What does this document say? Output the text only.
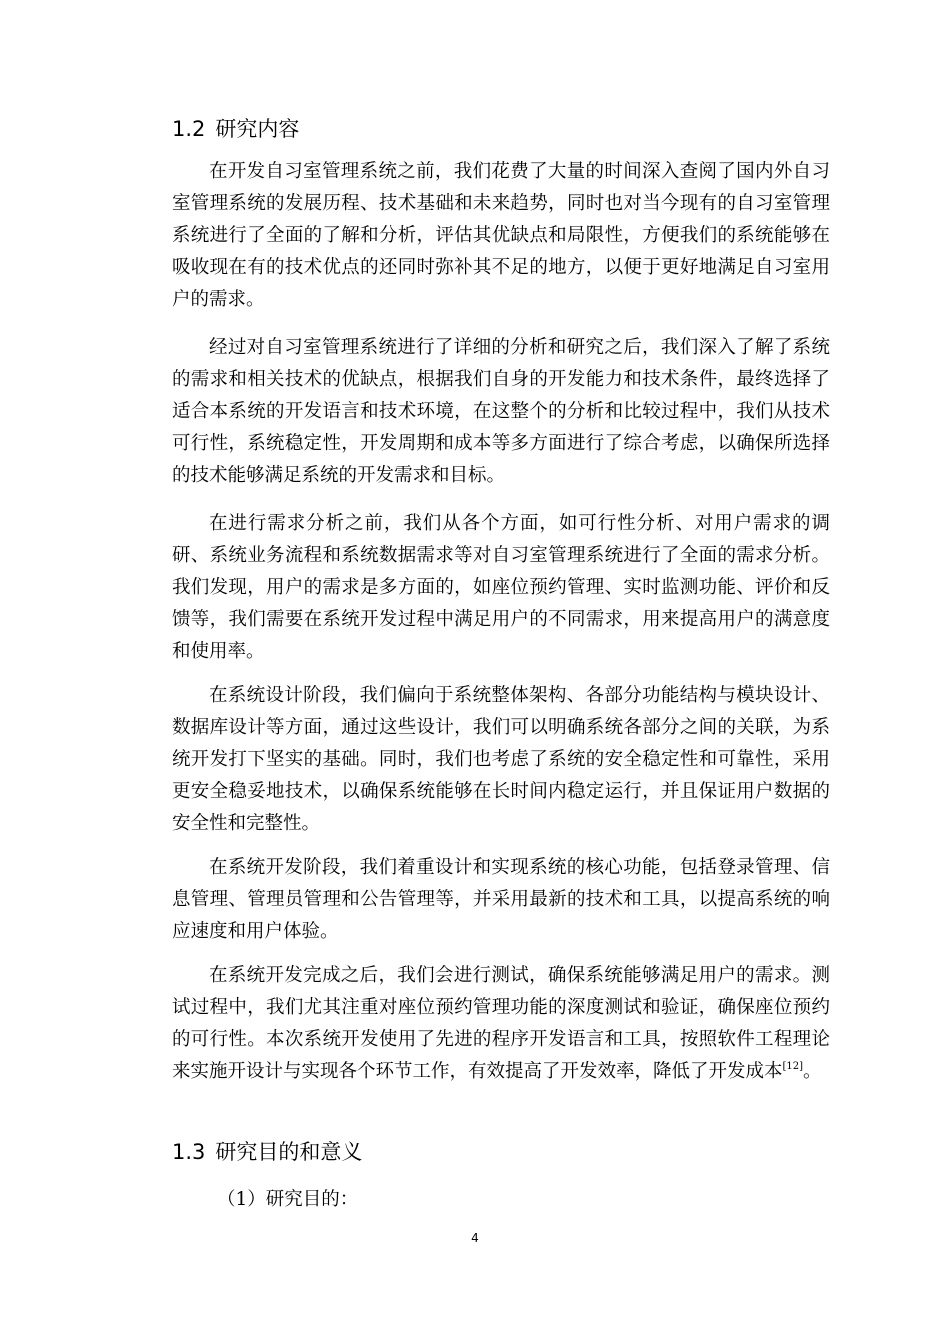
1.2 研究内容

在开发自习室管理系统之前，我们花费了大量的时间深入查阅了国内外自习室管理系统的发展历程、技术基础和未来趋势，同时也对当今现有的自习室管理系统进行了全面的了解和分析，评估其优缺点和局限性，方便我们的系统能够在吸收现在有的技术优点的还同时弥补其不足的地方，以便于更好地满足自习室用户的需求。

经过对自习室管理系统进行了详细的分析和研究之后，我们深入了解了系统的需求和相关技术的优缺点，根据我们自身的开发能力和技术条件，最终选择了适合本系统的开发语言和技术环境，在这整个的分析和比较过程中，我们从技术可行性，系统稳定性，开发周期和成本等多方面进行了综合考虑，以确保所选择的技术能够满足系统的开发需求和目标。

在进行需求分析之前，我们从各个方面，如可行性分析、对用户需求的调研、系统业务流程和系统数据需求等对自习室管理系统进行了全面的需求分析。我们发现，用户的需求是多方面的，如座位预约管理、实时监测功能、评价和反馈等，我们需要在系统开发过程中满足用户的不同需求，用来提高用户的满意度和使用率。

在系统设计阶段，我们偏向于系统整体架构、各部分功能结构与模块设计、数据库设计等方面，通过这些设计，我们可以明确系统各部分之间的关联，为系统开发打下坚实的基础。同时，我们也考虑了系统的安全稳定性和可靠性，采用更安全稳妥地技术，以确保系统能够在长时间内稳定运行，并且保证用户数据的安全性和完整性。

在系统开发阶段，我们着重设计和实现系统的核心功能，包括登录管理、信息管理、管理员管理和公告管理等，并采用最新的技术和工具，以提高系统的响应速度和用户体验。

在系统开发完成之后，我们会进行测试，确保系统能够满足用户的需求。测试过程中，我们尤其注重对座位预约管理功能的深度测试和验证，确保座位预约的可行性。本次系统开发使用了先进的程序开发语言和工具，按照软件工程理论来实施开设计与实现各个环节工作，有效提高了开发效率，降低了开发成本[12]。

1.3 研究目的和意义

（1）研究目的：

4
